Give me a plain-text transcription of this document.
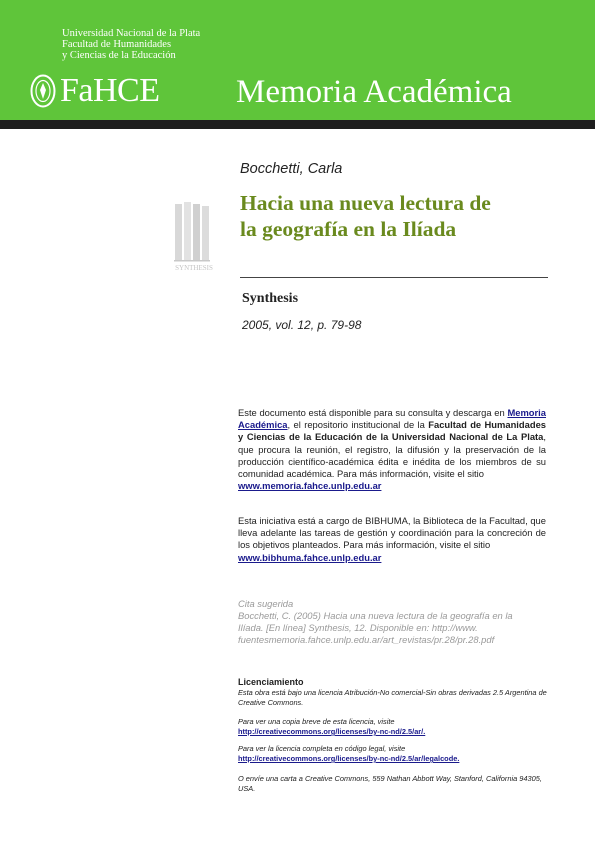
Universidad Nacional de la Plata
Facultad de Humanidades
y Ciencias de la Educación
FaHCE Memoria Académica
Bocchetti, Carla
Hacia una nueva lectura de
la geografía en la Ilíada
SYNTHESIS
Synthesis
2005, vol. 12, p. 79-98
Este documento está disponible para su consulta y descarga en Memoria Académica, el repositorio institucional de la Facultad de Humanidades y Ciencias de la Educación de la Universidad Nacional de La Plata, que procura la reunión, el registro, la difusión y la preservación de la producción científico-académica édita e inédita de los miembros de su comunidad académica. Para más información, visite el sitio
www.memoria.fahce.unlp.edu.ar
Esta iniciativa está a cargo de BIBHUMA, la Biblioteca de la Facultad, que lleva adelante las tareas de gestión y coordinación para la concreción de los objetivos planteados. Para más información, visite el sitio
www.bibhuma.fahce.unlp.edu.ar
Cita sugerida
Bocchetti, C. (2005) Hacia una nueva lectura de la geografía en la
Ilíada. [En línea] Synthesis, 12. Disponible en: http://www.
fuentesmemoria.fahce.unlp.edu.ar/art_revistas/pr.28/pr.28.pdf
Licenciamiento
Esta obra está bajo una licencia Atribución-No comercial-Sin obras derivadas 2.5 Argentina de Creative Commons.
Para ver una copia breve de esta licencia, visite
http://creativecommons.org/licenses/by-nc-nd/2.5/ar/.
Para ver la licencia completa en código legal, visite
http://creativecommons.org/licenses/by-nc-nd/2.5/ar/legalcode.
O envíe una carta a Creative Commons, 559 Nathan Abbott Way, Stanford, California 94305, USA.
